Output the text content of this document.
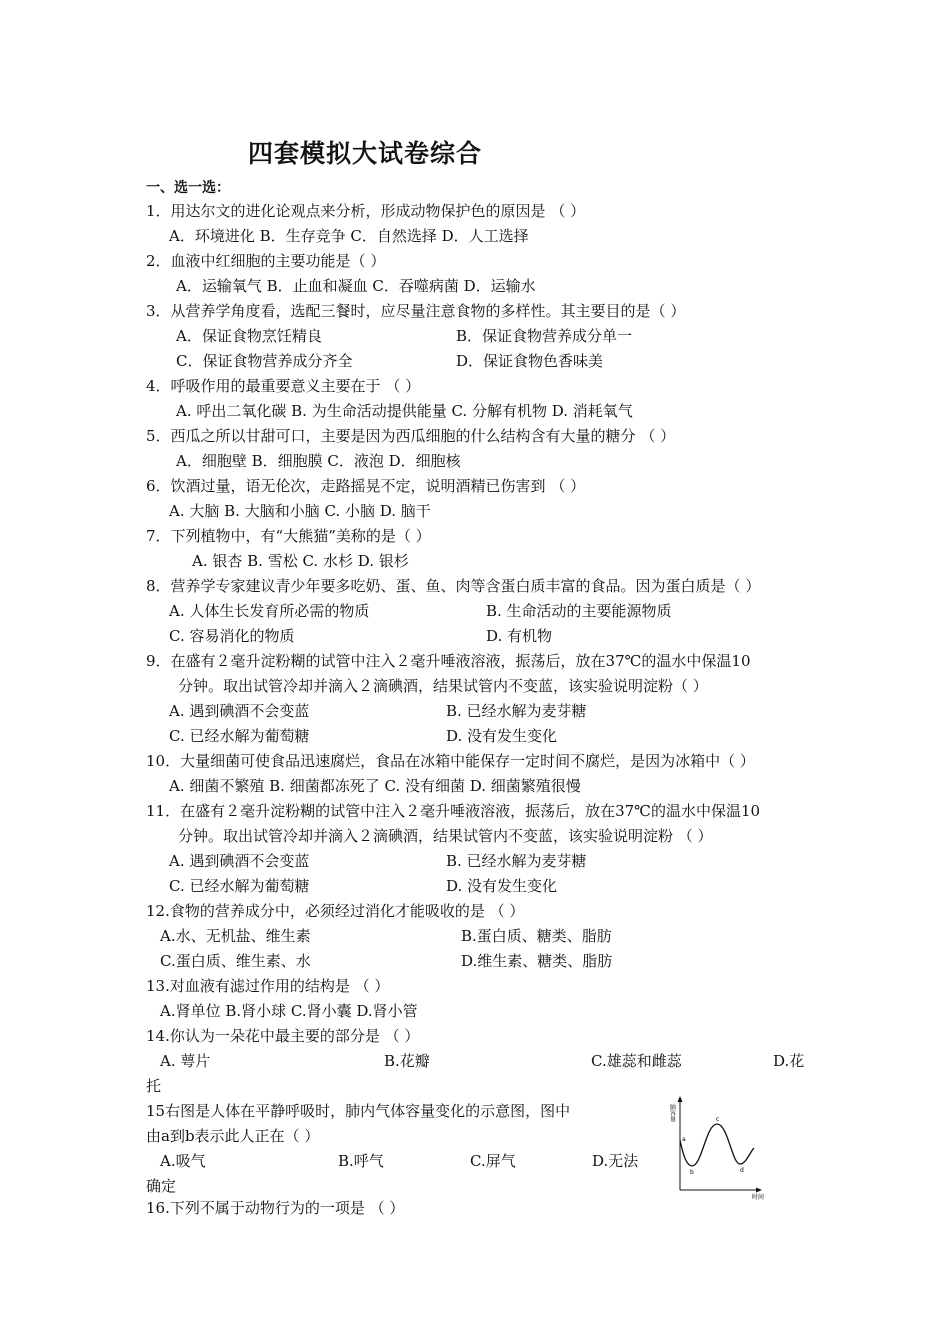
四套模拟大试卷综合
一、选一选：
1．用达尔文的进化论观点来分析，形成动物保护色的原因是 （ ）
A．环境进化 B．生存竞争 C．自然选择 D．人工选择
2．血液中红细胞的主要功能是（ ）
A．运输氧气 B．止血和凝血 C．吞噬病菌 D．运输水
3．从营养学角度看，选配三餐时，应尽量注意食物的多样性。其主要目的是（ ）
A．保证食物烹饪精良	B．保证食物营养成分单一
C．保证食物营养成分齐全	D．保证食物色香味美
4．呼吸作用的最重要意义主要在于 （ ）
A. 呼出二氧化碳 B. 为生命活动提供能量 C. 分解有机物 D. 消耗氧气
5．西瓜之所以甘甜可口，主要是因为西瓜细胞的什么结构含有大量的糖分 （ ）
A．细胞壁 B．细胞膜 C．液泡 D．细胞核
6．饮酒过量，语无伦次，走路摇晃不定，说明酒精已伤害到 （ ）
A. 大脑 B. 大脑和小脑 C. 小脑 D. 脑干
7．下列植物中，有“大熊猫”美称的是（ ）
A. 银杏 B. 雪松 C. 水杉 D. 银杉
8．营养学专家建议青少年要多吃奶、蛋、鱼、肉等含蛋白质丰富的食品。因为蛋白质是（ ）
A. 人体生长发育所必需的物质	B. 生命活动的主要能源物质
C. 容易消化的物质	D. 有机物
9．在盛有２毫升淀粉糊的试管中注入２毫升唾液溶液，振荡后，放在37℃的温水中保温10
分钟。取出试管冷却并滴入２滴碘酒，结果试管内不变蓝，该实验说明淀粉（ ）
A. 遇到碘酒不会变蓝	B. 已经水解为麦芽糖
C. 已经水解为葡萄糖	D. 没有发生变化
10．大量细菌可使食品迅速腐烂，食品在冰箱中能保存一定时间不腐烂，是因为冰箱中（ ）
A. 细菌不繁殖 B. 细菌都冻死了 C. 没有细菌 D. 细菌繁殖很慢
11．在盛有２毫升淀粉糊的试管中注入２毫升唾液溶液，振荡后，放在37℃的温水中保温10
分钟。取出试管冷却并滴入２滴碘酒，结果试管内不变蓝，该实验说明淀粉 （ ）
A. 遇到碘酒不会变蓝	B. 已经水解为麦芽糖
C. 已经水解为葡萄糖	D. 没有发生变化
12.食物的营养成分中，必须经过消化才能吸收的是 （ ）
A.水、无机盐、维生素	B.蛋白质、糖类、脂肪
C.蛋白质、维生素、水	D.维生素、糖类、脂肪
13.对血液有滤过作用的结构是 （ ）
A.肾单位 B.肾小球 C.肾小囊 D.肾小管
14.你认为一朵花中最主要的部分是 （ ）
A. 萼片	B.花瓣	C.雄蕊和雌蕊	D.花
托
15右图是人体在平静呼吸时，肺内气体容量变化的示意图，图中
由a到b表示此人正在（ ）
A.吸气	B.呼气	C.屏气	D.无法
确定
16.下列不属于动物行为的一项是 （ ）
肺容量
时间
a
b
c
d
